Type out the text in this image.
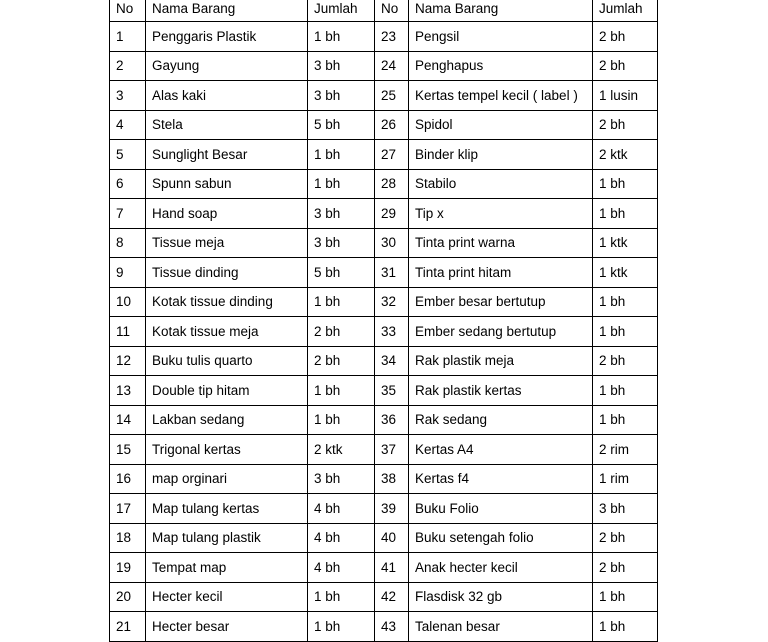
No	Nama Barang	Jumlah	No	Nama Barang	Jumlah
1	Penggaris Plastik	1 bh	23	Pengsil	2 bh
2	Gayung	3 bh	24	Penghapus	2 bh
3	Alas kaki	3 bh	25	Kertas tempel kecil ( label )	1 lusin
4	Stela	5 bh	26	Spidol	2 bh
5	Sunglight Besar	1 bh	27	Binder klip	2 ktk
6	Spunn sabun	1 bh	28	Stabilo	1 bh
7	Hand soap	3 bh	29	Tip x	1 bh
8	Tissue meja	3 bh	30	Tinta print warna	1 ktk
9	Tissue dinding	5 bh	31	Tinta print hitam	1 ktk
10	Kotak tissue dinding	1 bh	32	Ember besar bertutup	1 bh
11	Kotak tissue meja	2 bh	33	Ember sedang bertutup	1 bh
12	Buku tulis quarto	2 bh	34	Rak plastik meja	2 bh
13	Double tip hitam	1 bh	35	Rak plastik kertas	1 bh
14	Lakban sedang	1 bh	36	Rak sedang	1 bh
15	Trigonal kertas	2 ktk	37	Kertas A4	2 rim
16	map orginari	3 bh	38	Kertas f4	1 rim
17	Map tulang kertas	4 bh	39	Buku Folio	3 bh
18	Map tulang plastik	4 bh	40	Buku setengah folio	2 bh
19	Tempat map	4 bh	41	Anak hecter kecil	2 bh
20	Hecter kecil	1 bh	42	Flasdisk 32 gb	1 bh
21	Hecter besar	1 bh	43	Talenan besar	1 bh
